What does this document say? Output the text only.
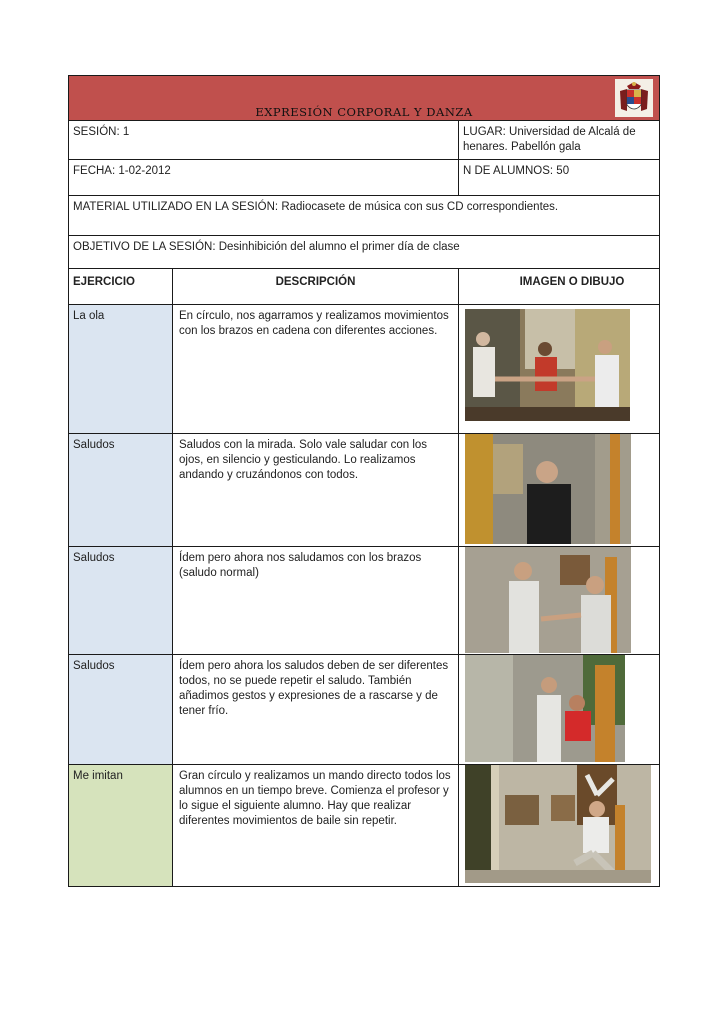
EXPRESIÓN CORPORAL Y DANZA

SESIÓN: 1	LUGAR: Universidad de Alcalá de henares. Pabellón gala
FECHA: 1-02-2012		N DE ALUMNOS: 50

MATERIAL UTILIZADO EN LA SESIÓN: Radiocasete de música con sus CD correspondientes.		

OBJETIVO DE LA SESIÓN: Desinhibición del alumno el primer día de clase		

EJERCICIO	DESCRIPCIÓN	IMAGEN O DIBUJO

La ola	En círculo, nos agarramos y realizamos movimientos con los brazos en cadena con diferentes acciones.

Saludos	Saludos con la mirada. Solo vale saludar con los ojos, en silencio y gesticulando. Lo realizamos andando y cruzándonos con todos.

Saludos	Ídem pero ahora nos saludamos con los brazos (saludo normal)

Saludos	Ídem pero ahora los saludos deben de ser diferentes todos, no se puede repetir el saludo. También añadimos gestos y expresiones de a rascarse y de tener frío.

Me imitan	Gran círculo y realizamos un mando directo todos los alumnos en un tiempo breve. Comienza el profesor y lo sigue el siguiente alumno. Hay que realizar diferentes movimientos de baile sin repetir.
